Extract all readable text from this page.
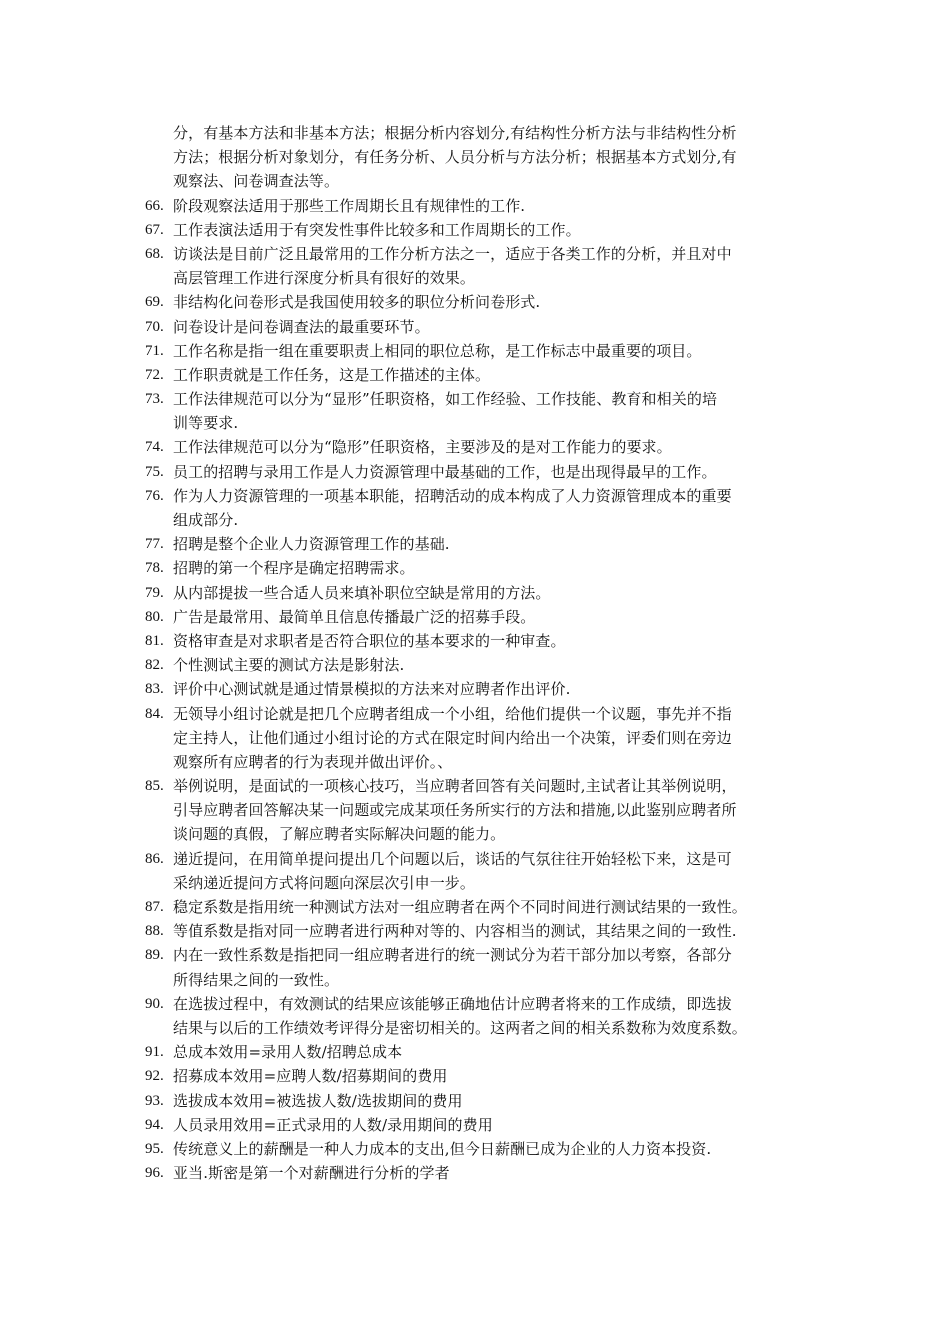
分，有基本方法和非基本方法；根据分析内容划分,有结构性分析方法与非结构性分析
方法；根据分析对象划分，有任务分析、人员分析与方法分析；根据基本方式划分,有
观察法、问卷调查法等。
66. 阶段观察法适用于那些工作周期长且有规律性的工作.
67. 工作表演法适用于有突发性事件比较多和工作周期长的工作。
68. 访谈法是目前广泛且最常用的工作分析方法之一，适应于各类工作的分析，并且对中
高层管理工作进行深度分析具有很好的效果。
69. 非结构化问卷形式是我国使用较多的职位分析问卷形式.
70. 问卷设计是问卷调查法的最重要环节。
71. 工作名称是指一组在重要职责上相同的职位总称，是工作标志中最重要的项目。
72. 工作职责就是工作任务，这是工作描述的主体。
73. 工作法律规范可以分为“显形”任职资格，如工作经验、工作技能、教育和相关的培
训等要求.
74. 工作法律规范可以分为“隐形”任职资格，主要涉及的是对工作能力的要求。
75. 员工的招聘与录用工作是人力资源管理中最基础的工作，也是出现得最早的工作。
76. 作为人力资源管理的一项基本职能，招聘活动的成本构成了人力资源管理成本的重要
组成部分.
77. 招聘是整个企业人力资源管理工作的基础.
78. 招聘的第一个程序是确定招聘需求。
79. 从内部提拔一些合适人员来填补职位空缺是常用的方法。
80. 广告是最常用、最简单且信息传播最广泛的招募手段。
81. 资格审查是对求职者是否符合职位的基本要求的一种审查。
82. 个性测试主要的测试方法是影射法.
83. 评价中心测试就是通过情景模拟的方法来对应聘者作出评价.
84. 无领导小组讨论就是把几个应聘者组成一个小组，给他们提供一个议题，事先并不指
定主持人，让他们通过小组讨论的方式在限定时间内给出一个决策，评委们则在旁边
观察所有应聘者的行为表现并做出评价。、
85. 举例说明，是面试的一项核心技巧，当应聘者回答有关问题时,主试者让其举例说明，
引导应聘者回答解决某一问题或完成某项任务所实行的方法和措施,以此鉴别应聘者所
谈问题的真假，了解应聘者实际解决问题的能力。
86. 递近提问，在用简单提问提出几个问题以后，谈话的气氛往往开始轻松下来，这是可
采纳递近提问方式将问题向深层次引申一步。
87. 稳定系数是指用统一种测试方法对一组应聘者在两个不同时间进行测试结果的一致性。
88. 等值系数是指对同一应聘者进行两种对等的、内容相当的测试，其结果之间的一致性.
89. 内在一致性系数是指把同一组应聘者进行的统一测试分为若干部分加以考察，各部分
所得结果之间的一致性。
90. 在选拔过程中，有效测试的结果应该能够正确地估计应聘者将来的工作成绩，即选拔
结果与以后的工作绩效考评得分是密切相关的。这两者之间的相关系数称为效度系数。
91. 总成本效用=录用人数/招聘总成本
92. 招募成本效用=应聘人数/招募期间的费用
93. 选拔成本效用=被选拔人数/选拔期间的费用
94. 人员录用效用=正式录用的人数/录用期间的费用
95. 传统意义上的薪酬是一种人力成本的支出,但今日薪酬已成为企业的人力资本投资.
96. 亚当.斯密是第一个对薪酬进行分析的学者
